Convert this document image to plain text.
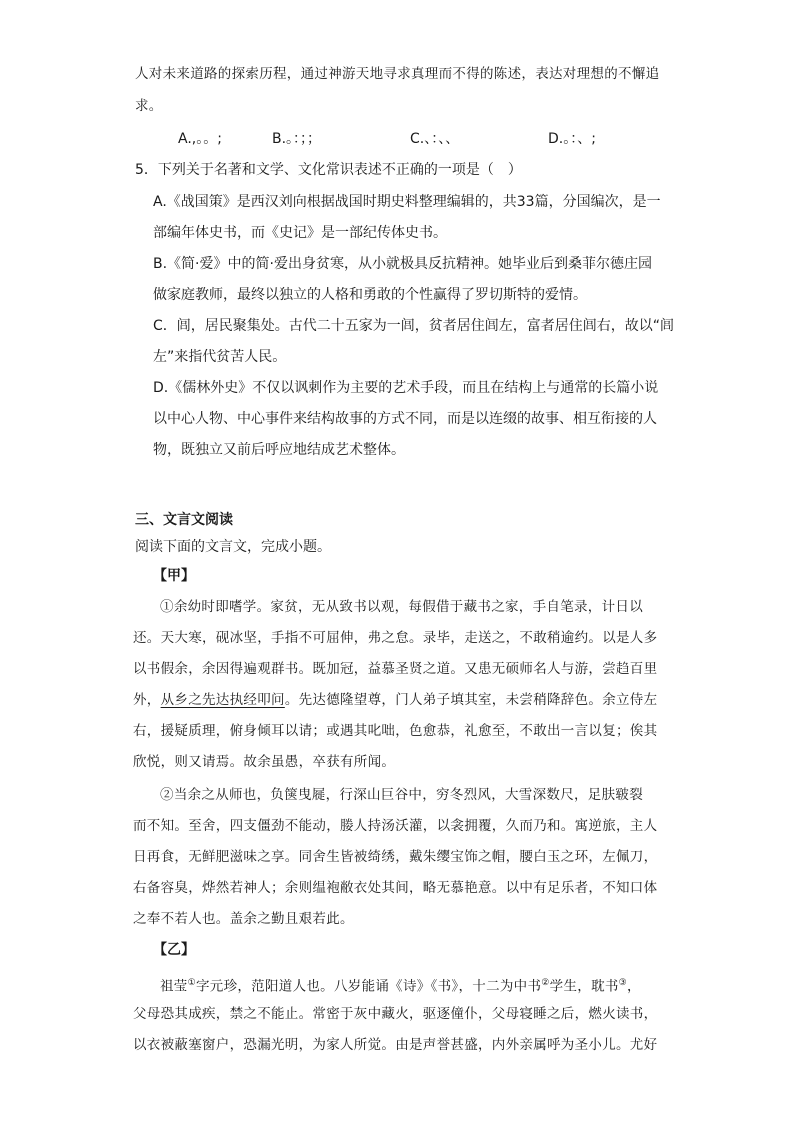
人对未来道路的探索历程，通过神游天地寻求真理而不得的陈述，表达对理想的不懈追
求。
A.,。。;	B.。：；；	C.、：、、	D.。：、;
5．下列关于名著和文学、文化常识表述不正确的一项是（　）
A.《战国策》是西汉刘向根据战国时期史料整理编辑的，共33篇，分国编次，是一
部编年体史书，而《史记》是一部纪传体史书。
B.《简·爱》中的简·爱出身贫寒，从小就极具反抗精神。她毕业后到桑菲尔德庄园
做家庭教师，最终以独立的人格和勇敢的个性赢得了罗切斯特的爱情。
C．闾，居民聚集处。古代二十五家为一闾，贫者居住闾左，富者居住闾右，故以“闾
左”来指代贫苦人民。
D.《儒林外史》不仅以讽刺作为主要的艺术手段，而且在结构上与通常的长篇小说
以中心人物、中心事件来结构故事的方式不同，而是以连缀的故事、相互衔接的人
物，既独立又前后呼应地结成艺术整体。
三、文言文阅读
阅读下面的文言文，完成小题。
【甲】
①余幼时即嗜学。家贫，无从致书以观，每假借于藏书之家，手自笔录，计日以
还。天大寒，砚冰坚，手指不可屈伸，弗之怠。录毕，走送之，不敢稍逾约。以是人多
以书假余，余因得遍观群书。既加冠，益慕圣贤之道。又患无硕师名人与游，尝趋百里
外，从乡之先达执经叩问。先达德隆望尊，门人弟子填其室，未尝稍降辞色。余立侍左
右，援疑质理，俯身倾耳以请；或遇其叱咄，色愈恭，礼愈至，不敢出一言以复；俟其
欣悦，则又请焉。故余虽愚，卒获有所闻。
②当余之从师也，负箧曳屣，行深山巨谷中，穷冬烈风，大雪深数尺，足肤皲裂
而不知。至舍，四支僵劲不能动，媵人持汤沃灌，以衾拥覆，久而乃和。寓逆旅，主人
日再食，无鲜肥滋味之享。同舍生皆被绮绣，戴朱缨宝饰之帽，腰白玉之环，左佩刀，
右备容臭，烨然若神人；余则缊袍敝衣处其间，略无慕艳意。以中有足乐者，不知口体
之奉不若人也。盖余之勤且艰若此。
【乙】
祖莹①字元珍，范阳道人也。八岁能诵《诗》《书》，十二为中书②学生，耽书③，
父母恐其成疾，禁之不能止。常密于灰中藏火，驱逐僮仆，父母寝睡之后，燃火读书，
以衣被蔽塞窗户，恐漏光明，为家人所觉。由是声誉甚盛，内外亲属呼为圣小儿。尤好
